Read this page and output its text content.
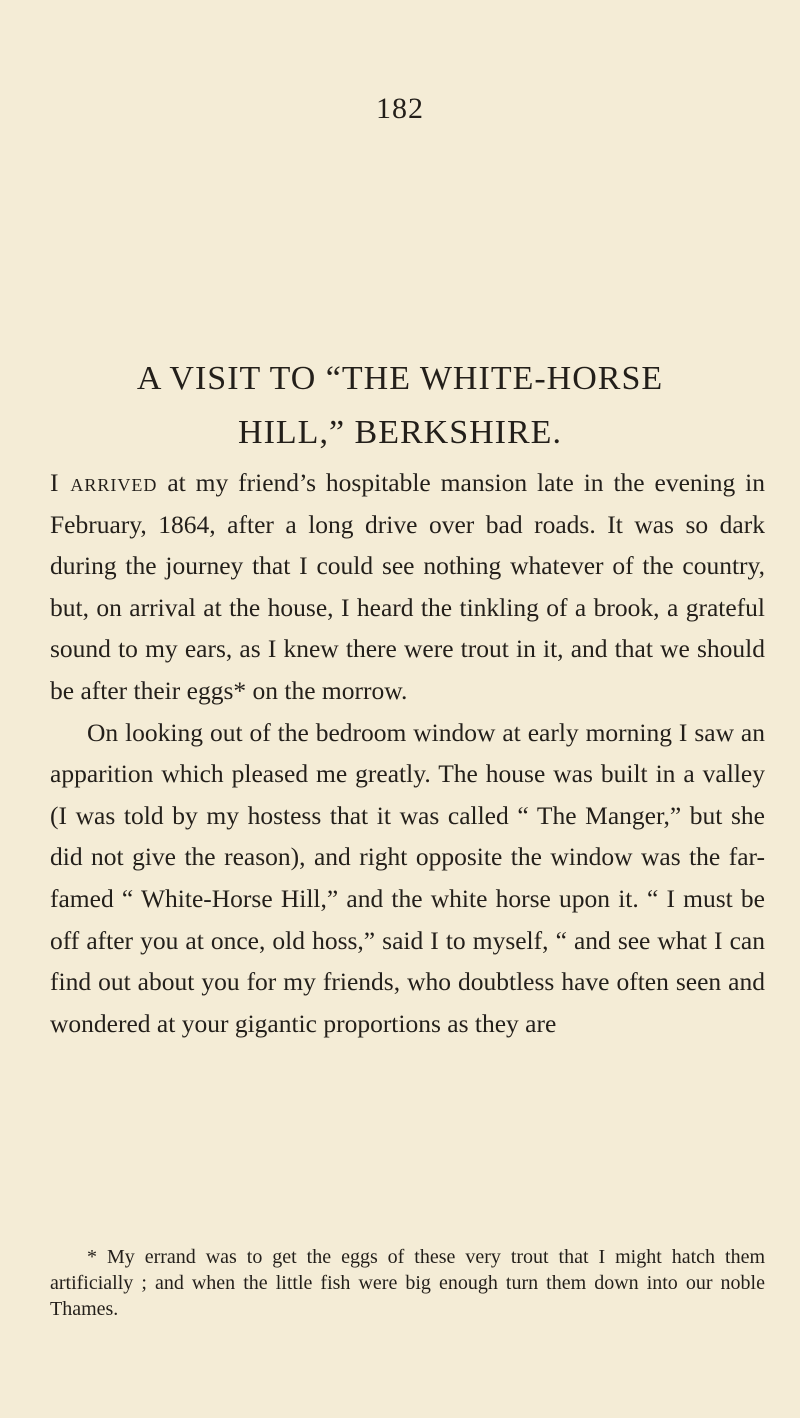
182
A VISIT TO “THE WHITE-HORSE
HILL,” BERKSHIRE.

I arrived at my friend’s hospitable mansion late in the evening in February, 1864, after a long drive over bad roads. It was so dark during the journey that I could see nothing whatever of the country, but, on arrival at the house, I heard the tinkling of a brook, a grateful sound to my ears, as I knew there were trout in it, and that we should be after their eggs* on the morrow.

On looking out of the bedroom window at early morning I saw an apparition which pleased me greatly. The house was built in a valley (I was told by my hostess that it was called “ The Manger,” but she did not give the reason), and right opposite the window was the far-famed “ White-Horse Hill,” and the white horse upon it. “ I must be off after you at once, old hoss,” said I to myself, “ and see what I can find out about you for my friends, who doubtless have often seen and wondered at your gigantic proportions as they are

* My errand was to get the eggs of these very trout that I might hatch them artificially ; and when the little fish were big enough turn them down into our noble Thames.
